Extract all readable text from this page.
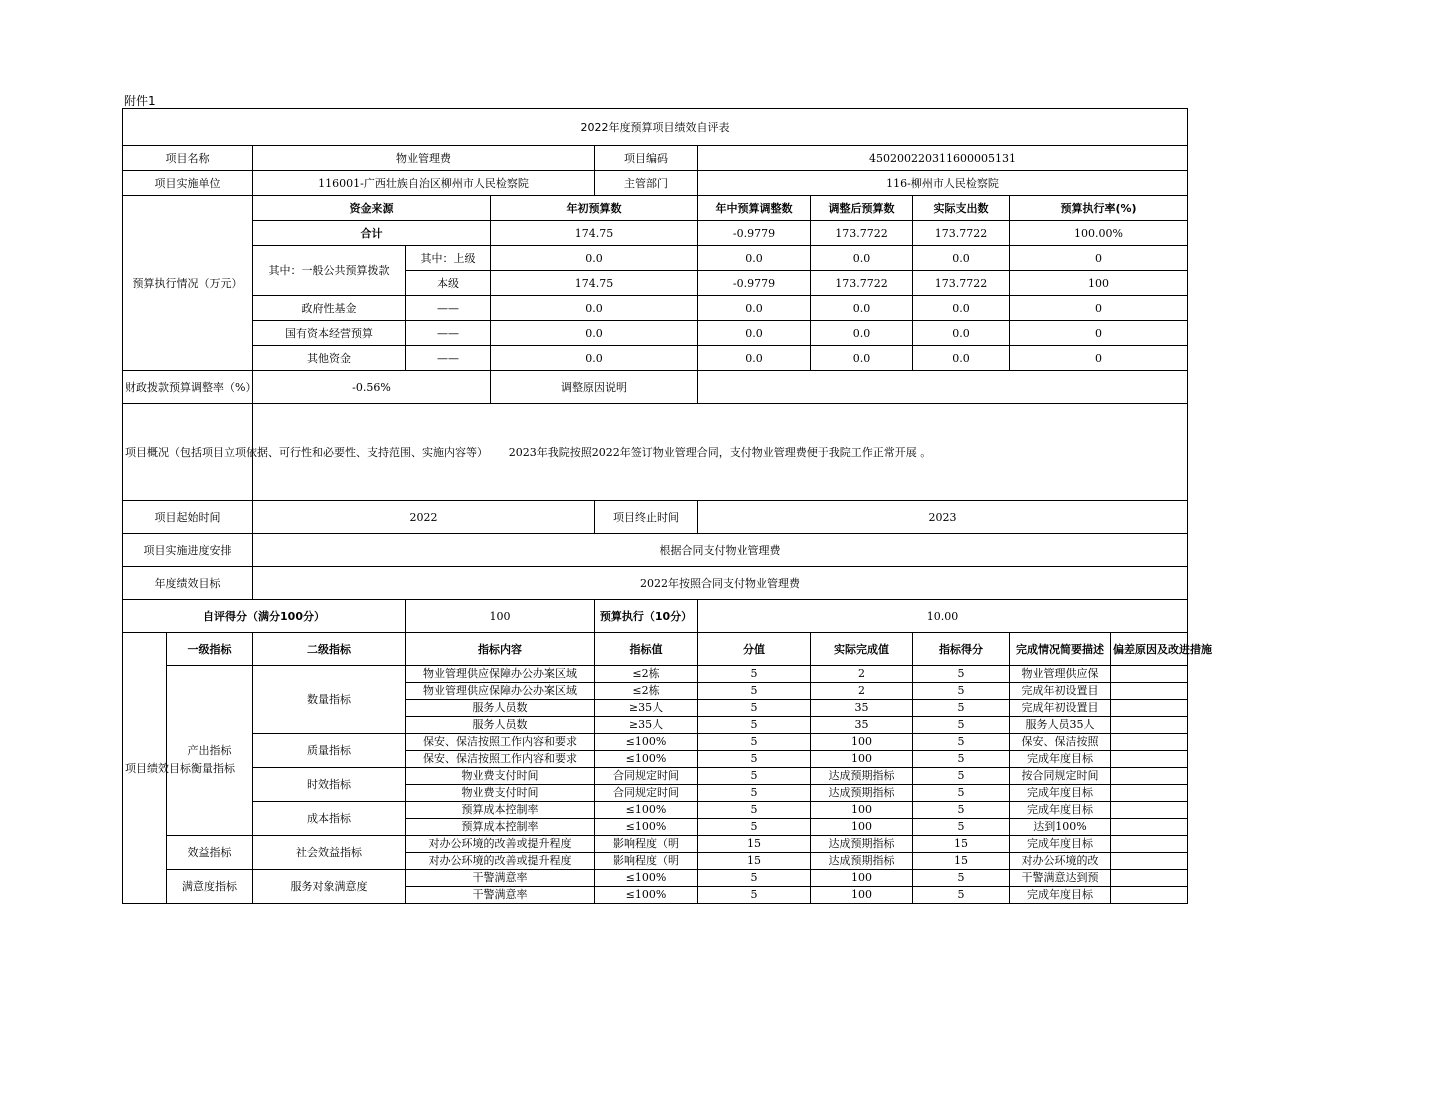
附件1
2022年度预算项目绩效自评表										
项目名称		物业管理费			项目编码	450200220311600005131				
项目实施单位		116001-广西壮族自治区柳州市人民检察院			主管部门	116-柳州市人民检察院				
预算执行情况（万元）		资金来源		年初预算数		年中预算调整数	调整后预算数	实际支出数	预算执行率(%)	
		合计		174.75		-0.9779	173.7722	173.7722	100.00%	
		其中：一般公共预算拨款	其中：上级	0.0		0.0	0.0	0.0	0	
			本级	174.75		-0.9779	173.7722	173.7722	100	
		政府性基金	——	0.0		0.0	0.0	0.0	0	
		国有资本经营预算	——	0.0		0.0	0.0	0.0	0	
		其他资金	——	0.0		0.0	0.0	0.0	0	
财政拨款预算调整率（%）		-0.56%		调整原因说明						
项目概况（包括项目立项依据、可行性和必要性、支持范围、实施内容等）		2023年我院按照2022年签订物业管理合同，支付物业管理费便于我院工作正常开展 。								
项目起始时间		2022			项目终止时间	2023				
项目实施进度安排		根据合同支付物业管理费								
年度绩效目标		2022年按照合同支付物业管理费								
自评得分（满分100分）			100		预算执行（10分）	10.00				
项目绩效目标衡量指标	一级指标	二级指标	指标内容		指标值	分值	实际完成值	指标得分	完成情况简要描述	偏差原因及改进措施
	产出指标	数量指标	物业管理供应保障办公办案区域		≤2栋	5	2	5	物业管理供应保	
			物业管理供应保障办公办案区域		≤2栋	5	2	5	完成年初设置目	
			服务人员数		≥35人	5	35	5	完成年初设置目	
			服务人员数		≥35人	5	35	5	服务人员35人	
		质量指标	保安、保洁按照工作内容和要求		≤100%	5	100	5	保安、保洁按照	
			保安、保洁按照工作内容和要求		≤100%	5	100	5	完成年度目标	
		时效指标	物业费支付时间		合同规定时间	5	达成预期指标	5	按合同规定时间	
			物业费支付时间		合同规定时间	5	达成预期指标	5	完成年度目标	
		成本指标	预算成本控制率		≤100%	5	100	5	完成年度目标	
			预算成本控制率		≤100%	5	100	5	达到100%	
	效益指标	社会效益指标	对办公环境的改善或提升程度		影响程度（明	15	达成预期指标	15	完成年度目标	
			对办公环境的改善或提升程度		影响程度（明	15	达成预期指标	15	对办公环境的改	
	满意度指标	服务对象满意度	干警满意率		≤100%	5	100	5	干警满意达到预	
			干警满意率		≤100%	5	100	5	完成年度目标	
